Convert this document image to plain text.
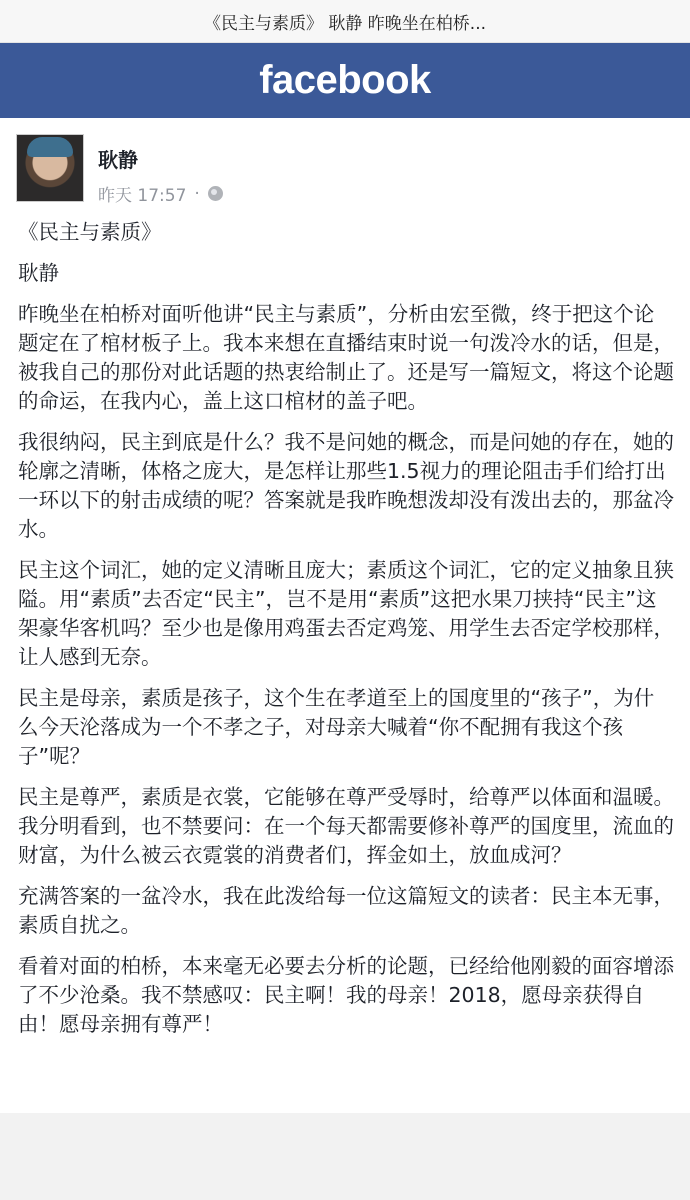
《民主与素质》 耿静 昨晚坐在柏桥...
facebook
耿静
昨天 17:57 ·

《民主与素质》

耿静

昨晚坐在柏桥对面听他讲“民主与素质”，分析由宏至微，终于把这个论题定在了棺材板子上。我本来想在直播结束时说一句泼冷水的话，但是，被我自己的那份对此话题的热衷给制止了。还是写一篇短文，将这个论题的命运，在我内心，盖上这口棺材的盖子吧。

我很纳闷，民主到底是什么？我不是问她的概念，而是问她的存在，她的轮廓之清晰，体格之庞大，是怎样让那些1.5视力的理论阻击手们给打出一环以下的射击成绩的呢？答案就是我昨晚想泼却没有泼出去的，那盆冷水。

民主这个词汇，她的定义清晰且庞大；素质这个词汇，它的定义抽象且狭隘。用“素质”去否定“民主”，岂不是用“素质”这把水果刀挟持“民主”这架豪华客机吗？至少也是像用鸡蛋去否定鸡笼、用学生去否定学校那样，让人感到无奈。

民主是母亲，素质是孩子，这个生在孝道至上的国度里的“孩子”，为什么今天沦落成为一个不孝之子，对母亲大喊着“你不配拥有我这个孩子”呢？

民主是尊严，素质是衣裳，它能够在尊严受辱时，给尊严以体面和温暖。我分明看到，也不禁要问：在一个每天都需要修补尊严的国度里，流血的财富，为什么被云衣霓裳的消费者们，挥金如土，放血成河？

充满答案的一盆冷水，我在此泼给每一位这篇短文的读者：民主本无事，素质自扰之。

看着对面的柏桥，本来毫无必要去分析的论题，已经给他刚毅的面容增添了不少沧桑。我不禁感叹：民主啊！我的母亲！2018，愿母亲获得自由！愿母亲拥有尊严！
